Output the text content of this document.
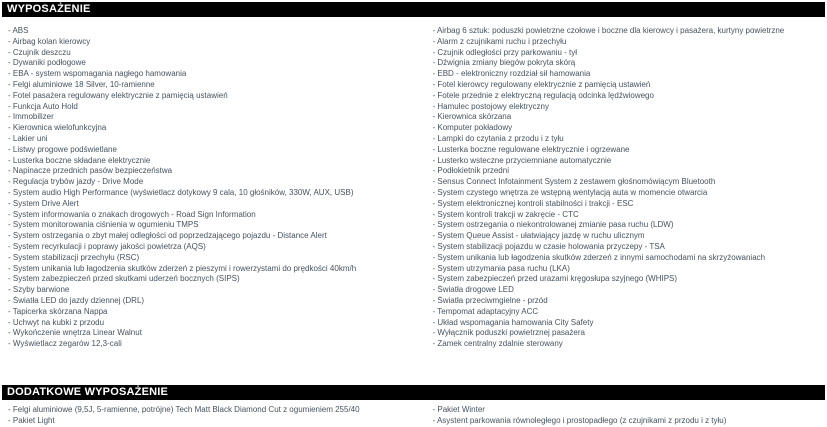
WYPOSAŻENIE
- ABS
- Airbag kolan kierowcy
- Czujnik deszczu
- Dywaniki podłogowe
- EBA - system wspomagania nagłego hamowania
- Felgi aluminiowe 18 Silver, 10-ramienne
- Fotel pasażera regulowany elektrycznie z pamięcią ustawień
- Funkcja Auto Hold
- Immobilizer
- Kierownica wielofunkcyjna
- Lakier uni
- Listwy progowe podświetlane
- Lusterka boczne składane elektrycznie
- Napinacze przednich pasów bezpieczeństwa
- Regulacja trybów jazdy - Drive Mode
- System audio High Performance (wyświetlacz dotykowy 9 cala, 10 głośników, 330W, AUX, USB)
- System Drive Alert
- System informowania o znakach drogowych - Road Sign Information
- System monitorowania ciśnienia w ogumieniu TMPS
- System ostrzegania o zbyt małej odległości od poprzedzającego pojazdu - Distance Alert
- System recyrkulacji i poprawy jakości powietrza (AQS)
- System stabilizacji przechyłu (RSC)
- System unikania lub łagodzenia skutków zderzeń z pieszymi i rowerzystami do prędkości 40km/h
- System zabezpieczeń przed skutkami uderzeń bocznych (SIPS)
- Szyby barwione
- Światła LED do jazdy dziennej (DRL)
- Tapicerka skórzana Nappa
- Uchwyt na kubki z przodu
- Wykończenie wnętrza Linear Walnut
- Wyświetlacz zegarów 12,3-cali
- Airbag 6 sztuk: poduszki powietrzne czołowe i boczne dla kierowcy i pasażera, kurtyny powietrzne
- Alarm z czujnikami ruchu i przechyłu
- Czujnik odległości przy parkowaniu - tył
- Dźwignia zmiany biegów pokryta skórą
- EBD - elektroniczny rozdział sił hamowania
- Fotel kierowcy regulowany elektrycznie z pamięcią ustawień
- Fotele przednie z elektryczną regulacją odcinka lędźwiowego
- Hamulec postojowy elektryczny
- Kierownica skórzana
- Komputer pokładowy
- Lampki do czytania z przodu i z tyłu
- Lusterka boczne regulowane elektrycznie i ogrzewane
- Lusterko wsteczne przyciemniane automatycznie
- Podłokietnik przedni
- Sensus Connect Infotainment System z zestawem głośnomówiącym Bluetooth
- System czystego wnętrza ze wstępną wentylacją auta w momencie otwarcia
- System elektronicznej kontroli stabilności i trakcji - ESC
- System kontroli trakcji w zakręcie - CTC
- System ostrzegania o niekontrolowanej zmianie pasa ruchu (LDW)
- System Queue Assist - ułatwiający jazdę w ruchu ulicznym
- System stabilizacji pojazdu w czasie holowania przyczepy - TSA
- System unikania lub łagodzenia skutków zderzeń z innymi samochodami na skrzyżowaniach
- System utrzymania pasa ruchu (LKA)
- System zabezpieczeń przed urazami kręgosłupa szyjnego (WHIPS)
- Światła drogowe LED
- Światła przeciwmgielne - przód
- Tempomat adaptacyjny ACC
- Układ wspomagania hamowania City Safety
- Wyłącznik poduszki powietrznej pasażera
- Zamek centralny zdalnie sterowany
DODATKOWE WYPOSAŻENIE
- Felgi aluminiowe (9,5J, 5-ramienne, potrójne) Tech Matt Black Diamond Cut z ogumieniem 255/40
- Pakiet Light
- Pakiet Winter
- Asystent parkowania równoległego i prostopadłego (z czujnikami z przodu i z tyłu)
